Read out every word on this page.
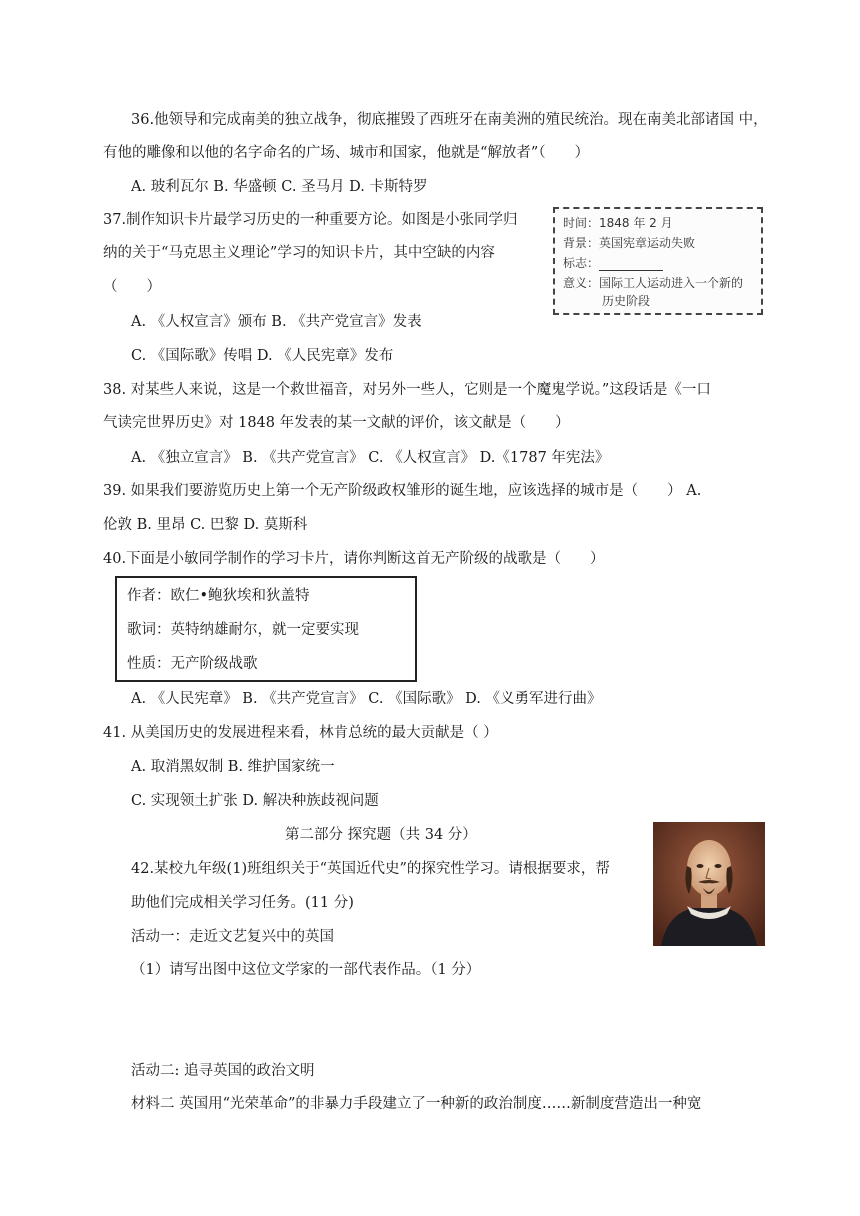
36.他领导和完成南美的独立战争，彻底摧毁了西班牙在南美洲的殖民统治。现在南美北部诸国 中，
有他的雕像和以他的名字命名的广场、城市和国家，他就是“解放者”（　　）
A. 玻利瓦尔 B. 华盛顿 C. 圣马月 D. 卡斯特罗
37.制作知识卡片最学习历史的一种重要方论。如图是小张同学归
纳的关于“马克思主义理论”学习的知识卡片，其中空缺的内容
（　　）
A. 《人权宣言》颁布 B. 《共产党宣言》发表
C. 《国际歌》传唱 D. 《人民宪章》发布
时间：1848 年 2 月
背景：英国宪章运动失败
标志：
意义：国际工人运动进入一个新的
历史阶段
38. 对某些人来说，这是一个救世福音，对另外一些人，它则是一个魔鬼学说。”这段话是《一口
气读完世界历史》对 1848 年发表的某一文献的评价，该文献是（　　）
A. 《独立宣言》 B. 《共产党宣言》 C. 《人权宣言》 D.《1787 年宪法》
39. 如果我们要游览历史上第一个无产阶级政权雏形的诞生地，应该选择的城市是（　　） A.
伦敦 B. 里昂 C. 巴黎 D. 莫斯科
40.下面是小敏同学制作的学习卡片，请你判断这首无产阶级的战歌是（　　）
作者：欧仁•鲍狄埃和狄盖特
歌词：英特纳雄耐尔，就一定要实现
性质：无产阶级战歌
A. 《人民宪章》 B. 《共产党宣言》 C. 《国际歌》 D. 《义勇军进行曲》
41. 从美国历史的发展进程来看，林肯总统的最大贡献是（ ）
A. 取消黑奴制 B. 维护国家统一
C. 实现领土扩张 D. 解决种族歧视问题
第二部分 探究题（共 34 分）
42.某校九年级(1)班组织关于“英国近代史”的探究性学习。请根据要求，帮
助他们完成相关学习任务。(11 分)
活动一：走近文艺复兴中的英国
（1）请写出图中这位文学家的一部代表作品。（1 分）
活动二: 追寻英国的政治文明
材料二 英国用“光荣革命”的非暴力手段建立了一种新的政治制度……新制度营造出一种宽
